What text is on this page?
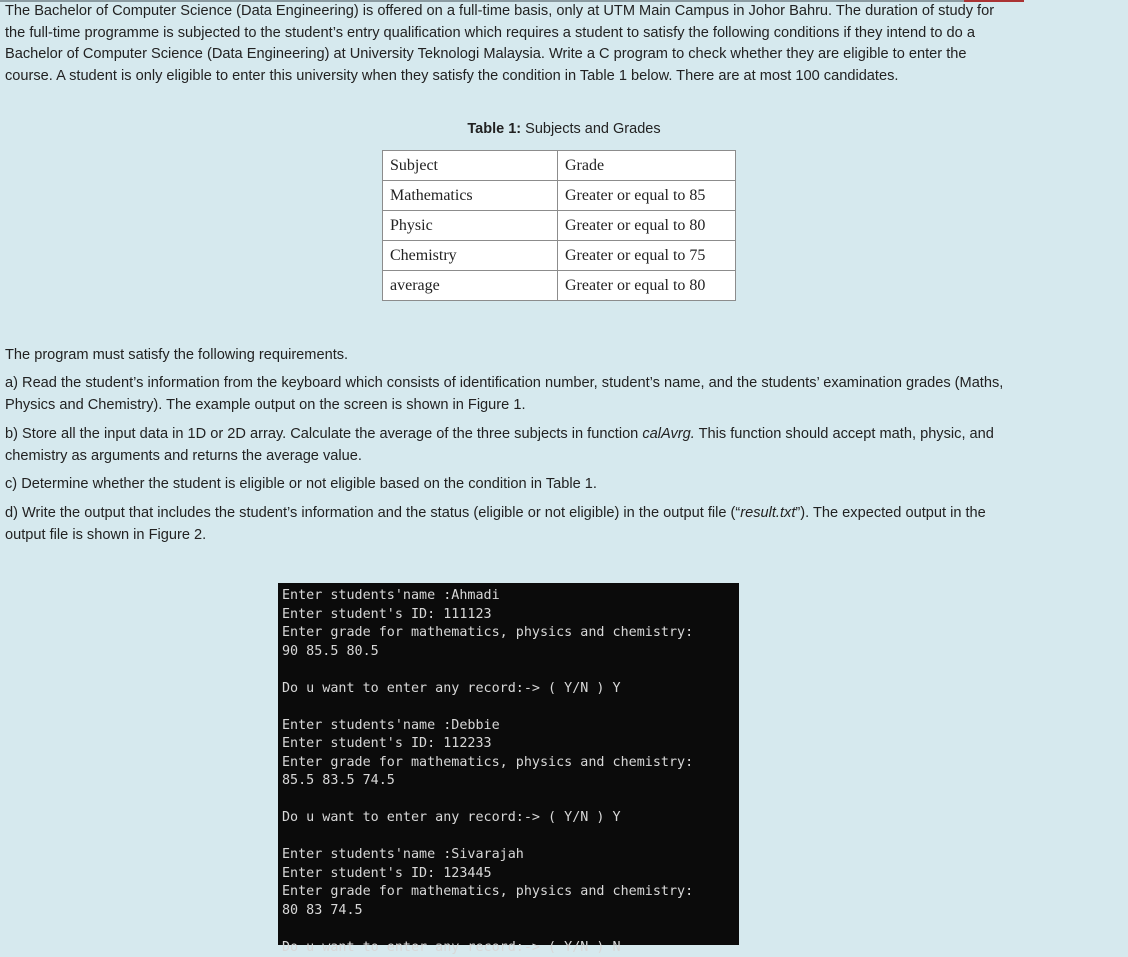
The Bachelor of Computer Science (Data Engineering) is offered on a full-time basis, only at UTM Main Campus in Johor Bahru. The duration of study for the full-time programme is subjected to the student’s entry qualification which requires a student to satisfy the following conditions if they intend to do a Bachelor of Computer Science (Data Engineering) at University Teknologi Malaysia. Write a C program to check whether they are eligible to enter the course. A student is only eligible to enter this university when they satisfy the condition in Table 1 below. There are at most 100 candidates.

Table 1: Subjects and Grades
Subject	Grade
Mathematics	Greater or equal to 85
Physic	Greater or equal to 80
Chemistry	Greater or equal to 75
average	Greater or equal to 80

The program must satisfy the following requirements.

a) Read the student’s information from the keyboard which consists of identification number, student’s name, and the students’ examination grades (Maths, Physics and Chemistry). The example output on the screen is shown in Figure 1.

b) Store all the input data in 1D or 2D array. Calculate the average of the three subjects in function calAvrg. This function should accept math, physic, and chemistry as arguments and returns the average value.

c) Determine whether the student is eligible or not eligible based on the condition in Table 1.

d) Write the output that includes the student’s information and the status (eligible or not eligible) in the output file (“result.txt”). The expected output in the output file is shown in Figure 2.

Enter students'name :Ahmadi
Enter student's ID: 111123
Enter grade for mathematics, physics and chemistry:
90 85.5 80.5
Do u want to enter any record:-> ( Y/N ) Y
Enter students'name :Debbie
Enter student's ID: 112233
Enter grade for mathematics, physics and chemistry:
85.5 83.5 74.5
Do u want to enter any record:-> ( Y/N ) Y
Enter students'name :Sivarajah
Enter student's ID: 123445
Enter grade for mathematics, physics and chemistry:
80 83 74.5
Do u want to enter any record:-> ( Y/N ) N
